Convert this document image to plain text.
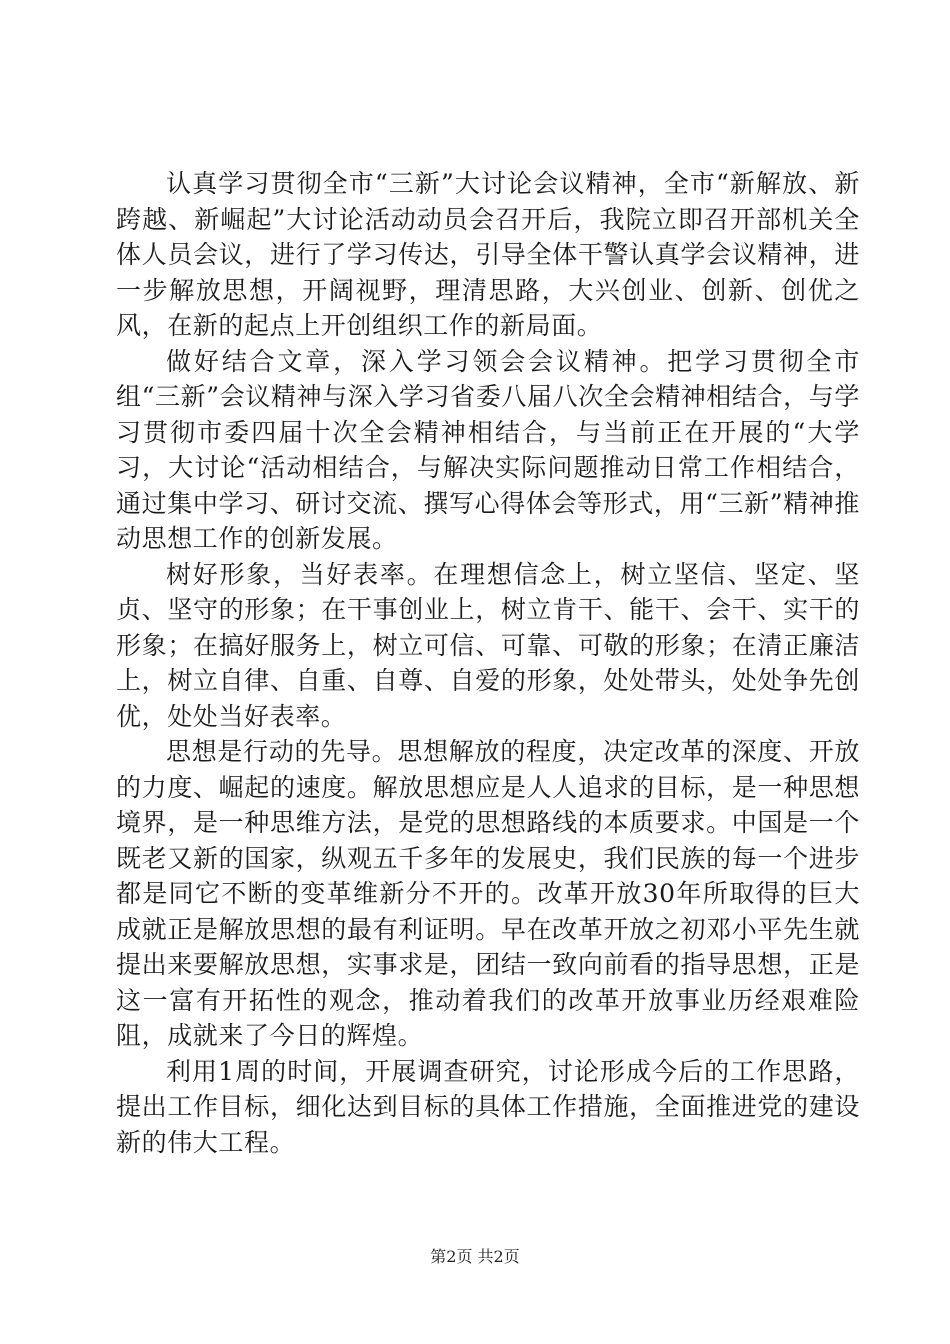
认真学习贯彻全市“三新”大讨论会议精神，全市“新解放、新跨越、新崛起”大讨论活动动员会召开后，我院立即召开部机关全体人员会议，进行了学习传达，引导全体干警认真学会议精神，进一步解放思想，开阔视野，理清思路，大兴创业、创新、创优之风，在新的起点上开创组织工作的新局面。

做好结合文章，深入学习领会会议精神。把学习贯彻全市组“三新”会议精神与深入学习省委八届八次全会精神相结合，与学习贯彻市委四届十次全会精神相结合，与当前正在开展的“大学习，大讨论“活动相结合，与解决实际问题推动日常工作相结合，通过集中学习、研讨交流、撰写心得体会等形式，用“三新”精神推动思想工作的创新发展。

树好形象，当好表率。在理想信念上，树立坚信、坚定、坚贞、坚守的形象；在干事创业上，树立肯干、能干、会干、实干的形象；在搞好服务上，树立可信、可靠、可敬的形象；在清正廉洁上，树立自律、自重、自尊、自爱的形象，处处带头，处处争先创优，处处当好表率。

思想是行动的先导。思想解放的程度，决定改革的深度、开放的力度、崛起的速度。解放思想应是人人追求的目标，是一种思想境界，是一种思维方法，是党的思想路线的本质要求。中国是一个既老又新的国家，纵观五千多年的发展史，我们民族的每一个进步都是同它不断的变革维新分不开的。改革开放30年所取得的巨大成就正是解放思想的最有利证明。早在改革开放之初邓小平先生就提出来要解放思想，实事求是，团结一致向前看的指导思想，正是这一富有开拓性的观念，推动着我们的改革开放事业历经艰难险阻，成就来了今日的辉煌。

利用1周的时间，开展调查研究，讨论形成今后的工作思路，提出工作目标，细化达到目标的具体工作措施，全面推进党的建设新的伟大工程。

第2页 共2页
